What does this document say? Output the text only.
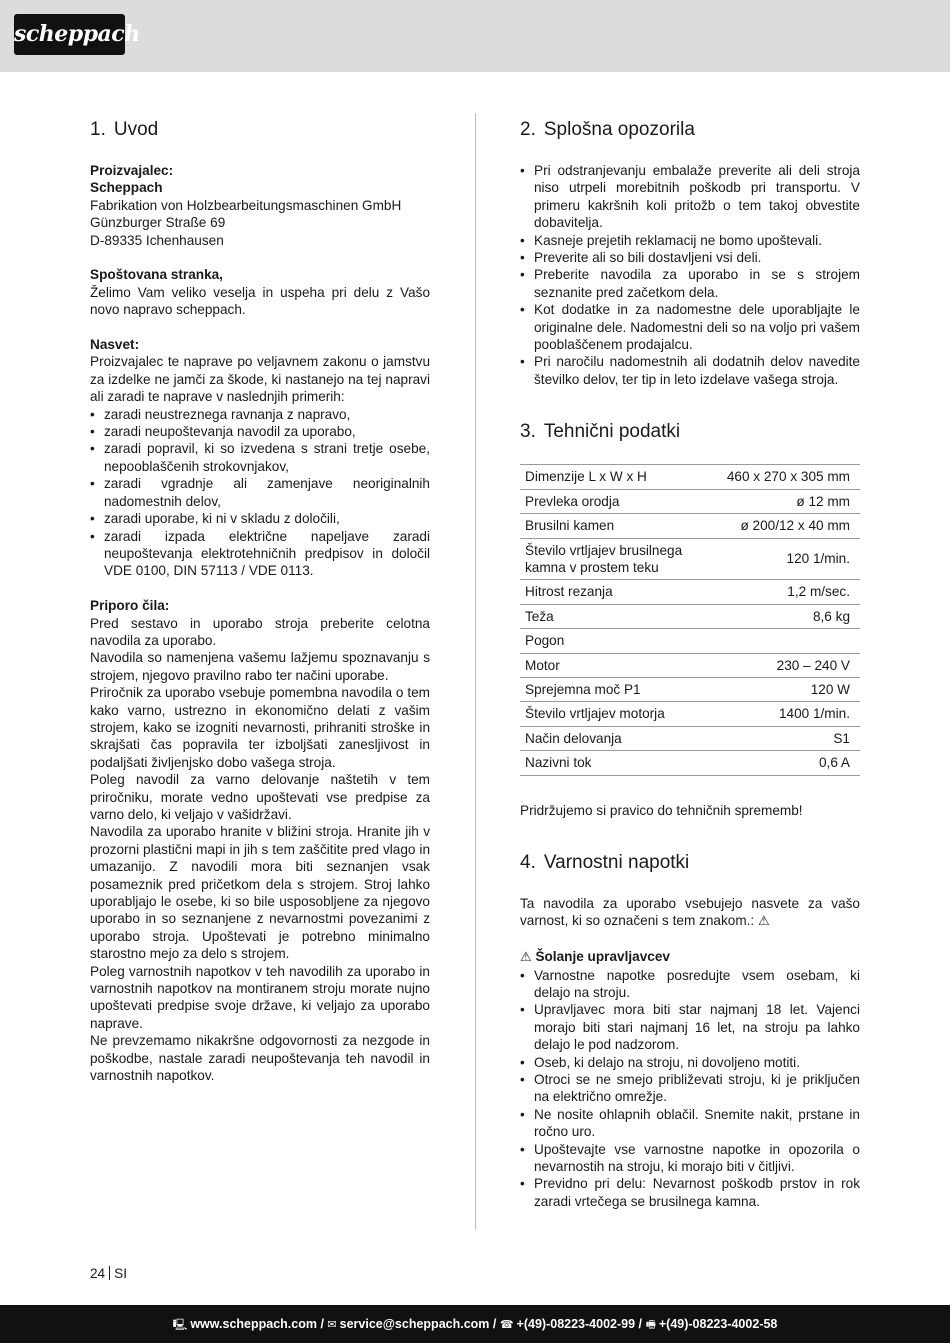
scheppach
1. Uvod

Proizvajalec:

Scheppach

Fabrikation von Holzbearbeitungsmaschinen GmbH

Günzburger Straße 69

D-89335 Ichenhausen

Spoštovana stranka,

Želimo Vam veliko veselja in uspeha pri delu z Vašo novo napravo scheppach.

Nasvet:

Proizvajalec te naprave po veljavnem zakonu o jamstvu za izdelke ne jamči za škode, ki nastanejo na tej napravi ali zaradi te naprave v naslednjih primerih:

• zaradi neustreznega ravnanja z napravo,
• zaradi neupoštevanja navodil za uporabo,
• zaradi popravil, ki so izvedena s strani tretje osebe, nepooblaščenih strokovnjakov,
• zaradi vgradnje ali zamenjave neoriginalnih nadomestnih delov,
• zaradi uporabe, ki ni v skladu z določili,
• zaradi izpada električne napeljave zaradi neupoštevanja elektrotehničnih predpisov in določil VDE 0100, DIN 57113 / VDE 0113.

Priporo čila:

Pred sestavo in uporabo stroja preberite celotna navodila za uporabo.

Navodila so namenjena vašemu lažjemu spoznavanju s strojem, njegovo pravilno rabo ter načini uporabe.

Priročnik za uporabo vsebuje pomembna navodila o tem kako varno, ustrezno in ekonomično delati z vašim strojem, kako se izogniti nevarnosti, prihraniti stroške in skrajšati čas popravila ter izboljšati zanesljivost in podaljšati življenjsko dobo vašega stroja.

Poleg navodil za varno delovanje naštetih v tem priročniku, morate vedno upoštevati vse predpise za varno delo, ki veljajo v vašidržavi.

Navodila za uporabo hranite v bližini stroja. Hranite jih v prozorni plastični mapi in jih s tem zaščitite pred vlago in umazanijo. Z navodili mora biti seznanjen vsak posameznik pred pričetkom dela s strojem. Stroj lahko uporabljajo le osebe, ki so bile usposobljene za njegovo uporabo in so seznanjene z nevarnostmi povezanimi z uporabo stroja. Upoštevati je potrebno minimalno starostno mejo za delo s strojem.

Poleg varnostnih napotkov v teh navodilih za uporabo in varnostnih napotkov na montiranem stroju morate nujno upoštevati predpise svoje države, ki veljajo za uporabo naprave.

Ne prevzemamo nikakršne odgovornosti za nezgode in poškodbe, nastale zaradi neupoštevanja teh navodil in varnostnih napotkov.

2. Splošna opozorila
• Pri odstranjevanju embalaže preverite ali deli stroja niso utrpeli morebitnih poškodb pri transportu. V primeru kakršnih koli pritožb o tem takoj obvestite dobavitelja.
• Kasneje prejetih reklamacij ne bomo upoštevali.
• Preverite ali so bili dostavljeni vsi deli.
• Preberite navodila za uporabo in se s strojem seznanite pred začetkom dela.
• Kot dodatke in za nadomestne dele uporabljajte le originalne dele. Nadomestni deli so na voljo pri vašem pooblaščenem prodajalcu.
• Pri naročilu nadomestnih ali dodatnih delov navedite številko delov, ter tip in leto izdelave vašega stroja.
3. Tehnični podatki
Dimenzije L x W x H	460 x 270 x 305 mm
Prevleka orodja	ø 12 mm
Brusilni kamen	ø 200/12 x 40 mm
Število vrtljajev brusilnega kamna v prostem teku	120 1/min.
Hitrost rezanja	1,2 m/sec.
Teža	8,6 kg
Pogon	
Motor	230 – 240 V
Sprejemna moč P1	120 W
Število vrtljajev motorja	1400 1/min.
Način delovanja	S1
Nazivni tok	0,6 A

Pridržujemo si pravico do tehničnih sprememb!

4. Varnostni napotki

Ta navodila za uporabo vsebujejo nasvete za vašo varnost, ki so označeni s tem znakom.: ⚠

⚠ Šolanje upravljavcev

• Varnostne napotke posredujte vsem osebam, ki delajo na stroju.
• Upravljavec mora biti star najmanj 18 let. Vajenci morajo biti stari najmanj 16 let, na stroju pa lahko delajo le pod nadzorom.
• Oseb, ki delajo na stroju, ni dovoljeno motiti.
• Otroci se ne smejo približevati stroju, ki je priključen na električno omrežje.
• Ne nosite ohlapnih oblačil. Snemite nakit, prstane in ročno uro.
• Upoštevajte vse varnostne napotke in opozorila o nevarnostih na stroju, ki morajo biti v čitljivi.
• Previdno pri delu: Nevarnost poškodb prstov in rok zaradi vrtečega se brusilnega kamna.
24 SI
🖳 www.scheppach.com / ✉ service@scheppach.com / ☎ +(49)-08223-4002-99 / 🖷 +(49)-08223-4002-58
